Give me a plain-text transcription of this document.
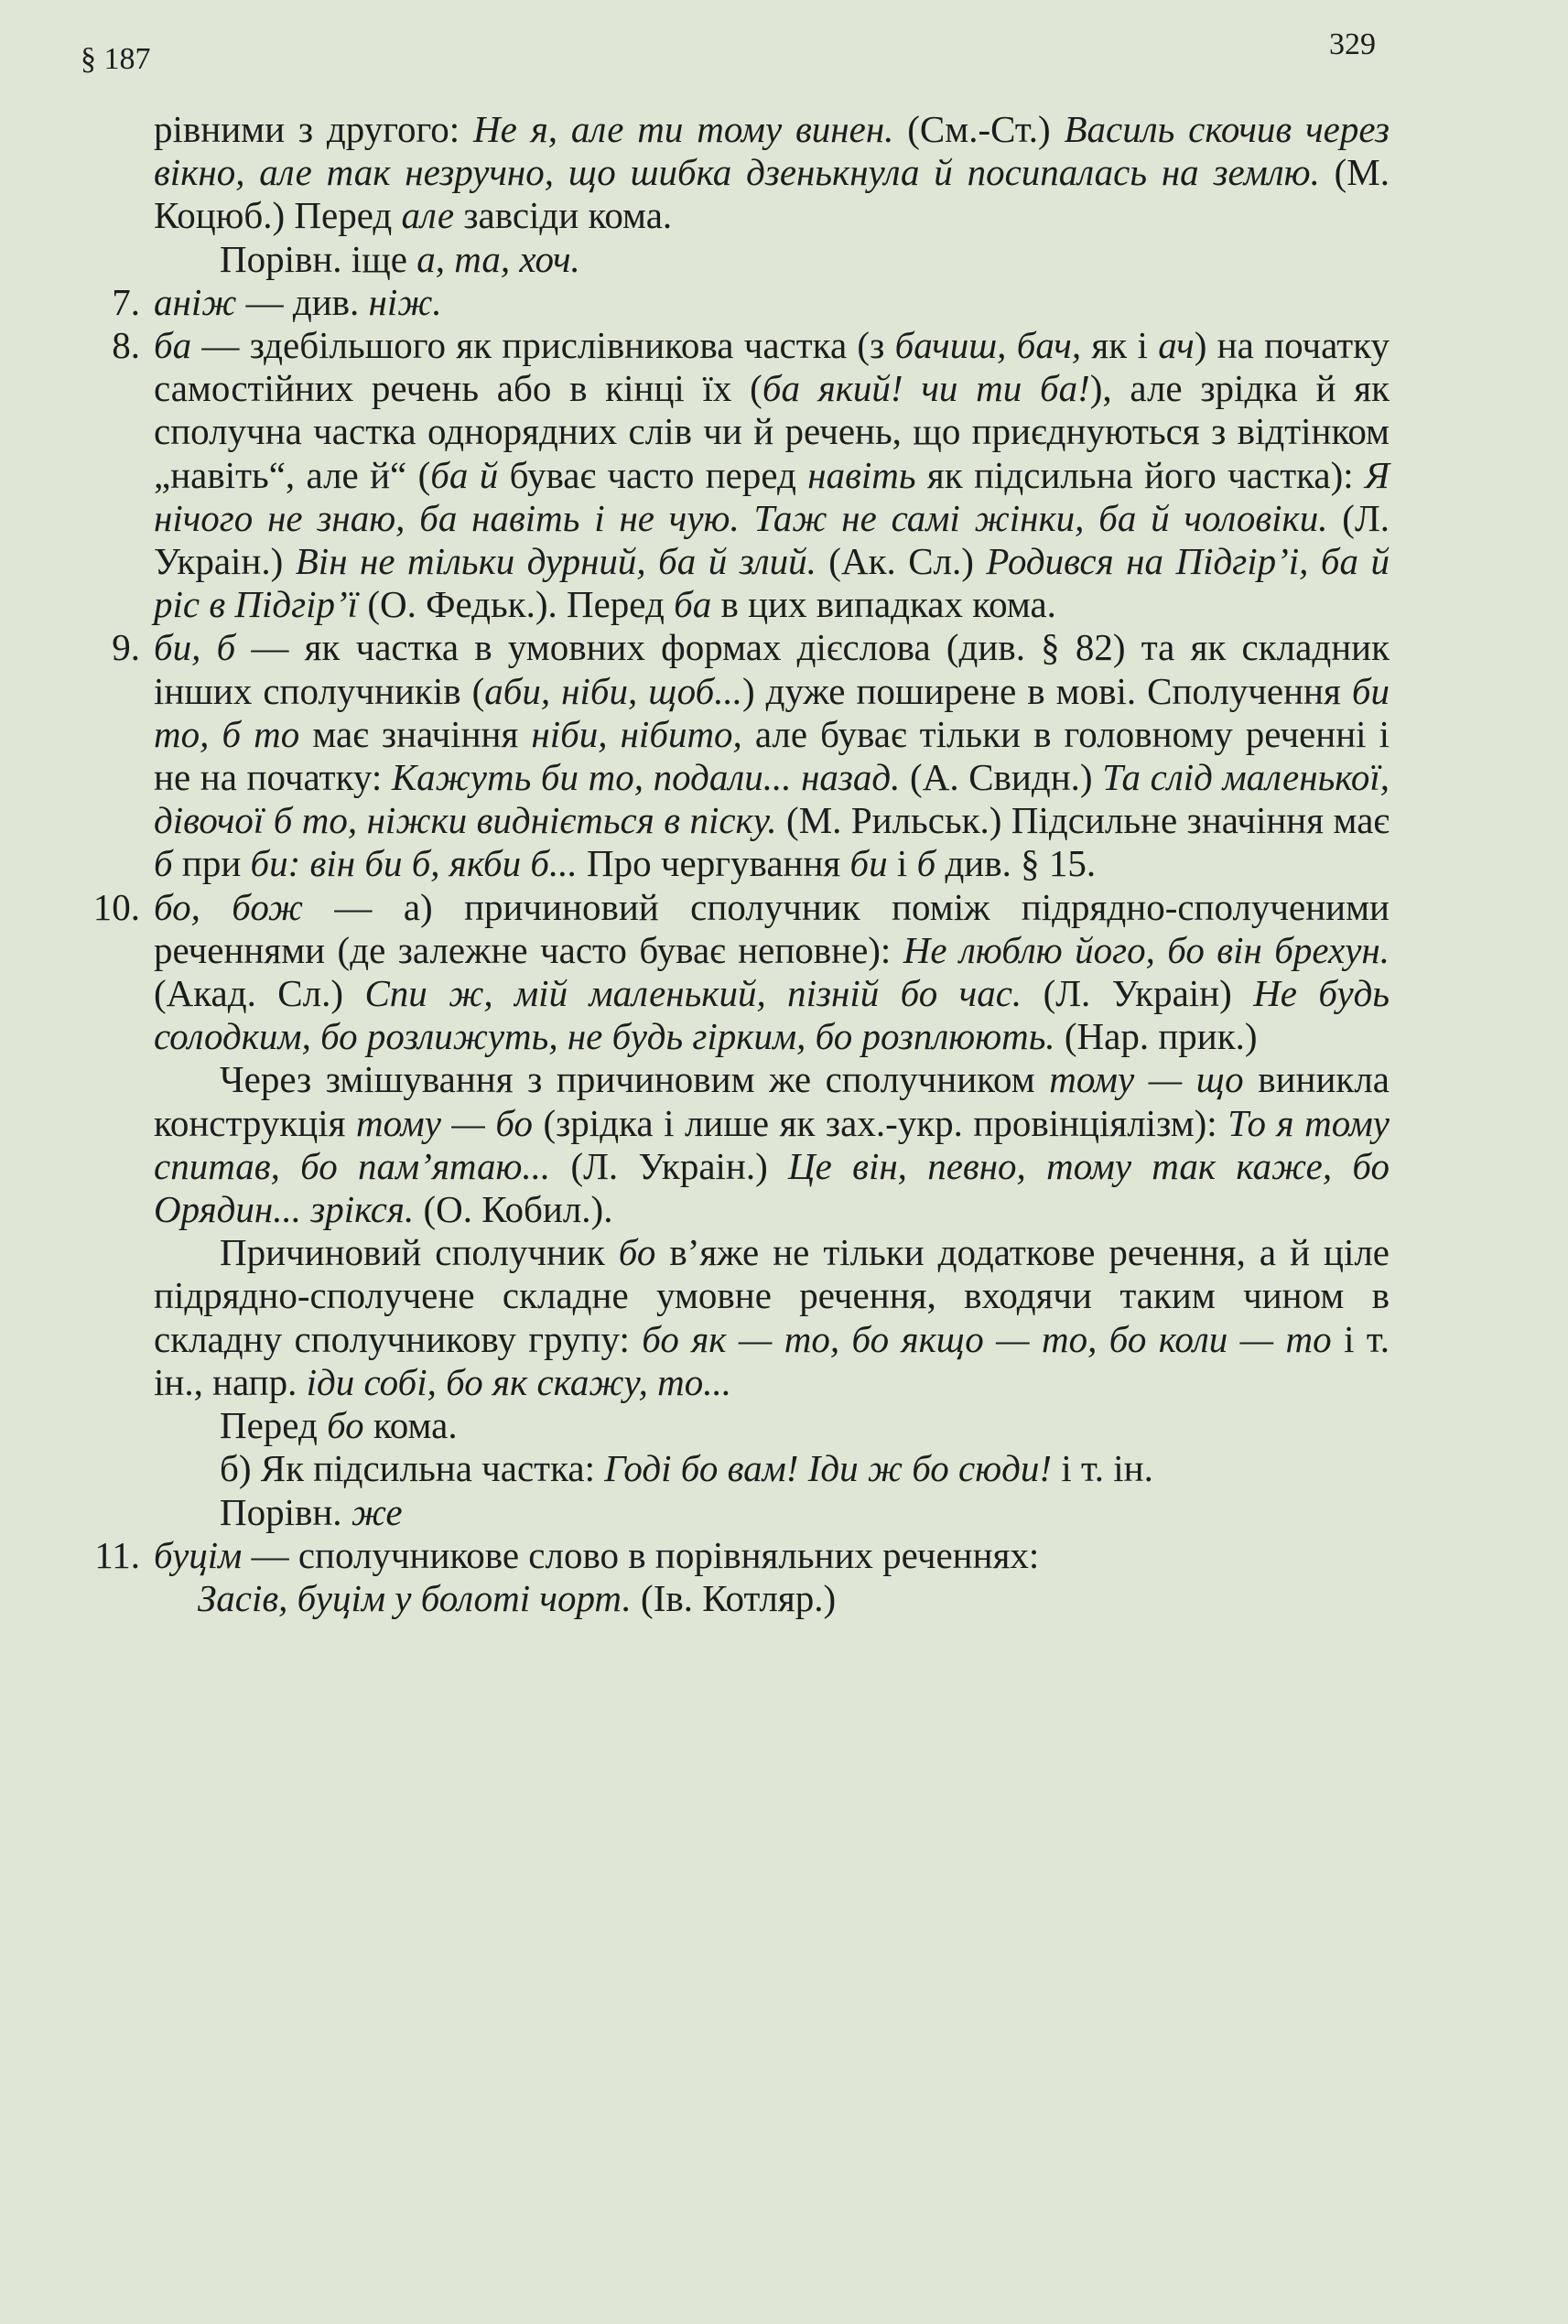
§ 187	329

рівними з другого: Не я, але ти тому винен. (См.-Ст.) Василь скочив через вікно, але так незручно, що шибка дзенькнула й посипалась на землю. (М. Коцюб.) Перед але завсіди кома.

Порівн. іще а, та, хоч.

7. аніж — див. ніж.

8. ба — здебільшого як прислівникова частка (з бачиш, бач, як і ач) на початку самостійних речень або в кінці їх (ба який! чи ти ба!), але зрідка й як сполучна частка однорядних слів чи й речень, що приєднуються з відтінком „навіть“, але й“ (ба й буває часто перед навіть як підсильна його частка): Я нічого не знаю, ба навіть і не чую. Таж не самі жінки, ба й чоловіки. (Л. Украін.) Він не тільки дурний, ба й злий. (Ак. Сл.) Родився на Підгір’і, ба й ріс в Підгір’ї (О. Федьк.). Перед ба в цих випадках кома.

9. би, б — як частка в умовних формах дієслова (див. § 82) та як складник інших сполучників (аби, ніби, щоб...) дуже поширене в мові. Сполучення би то, б то має значіння ніби, нібито, але буває тільки в головному реченні і не на початку: Кажуть би то, подали... назад. (А. Свидн.) Та слід маленької, дівочої б то, ніжки видніється в піску. (М. Рильськ.) Підсильне значіння має б при би: він би б, якби б... Про чергування би і б див. § 15.

10. бо, бож — а) причиновий сполучник поміж підрядно-сполученими реченнями (де залежне часто буває неповне): Не люблю його, бо він брехун. (Акад. Сл.) Спи ж, мій маленький, пізній бо час. (Л. Украін) Не будь солодким, бо розлижуть, не будь гірким, бо розплюють. (Нар. прик.)

Через змішування з причиновим же сполучником тому — що виникла конструкція тому — бо (зрідка і лише як зах.-укр. провінціялізм): То я тому спитав, бо пам’ятаю... (Л. Украін.) Це він, певно, тому так каже, бо Орядин... зрікся. (О. Кобил.).

Причиновий сполучник бо в’яже не тільки додаткове речення, а й ціле підрядно-сполучене складне умовне речення, входячи таким чином в складну сполучникову групу: бо як — то, бо якщо — то, бо коли — то і т. ін., напр. іди собі, бо як скажу, то...

Перед бо кома.

б) Як підсильна частка: Годі бо вам! Іди ж бо сюди! і т. ін.

Порівн. же

11. буцім — сполучникове слово в порівняльних реченнях:

Засів, буцім у болоті чорт. (Ів. Котляр.)
